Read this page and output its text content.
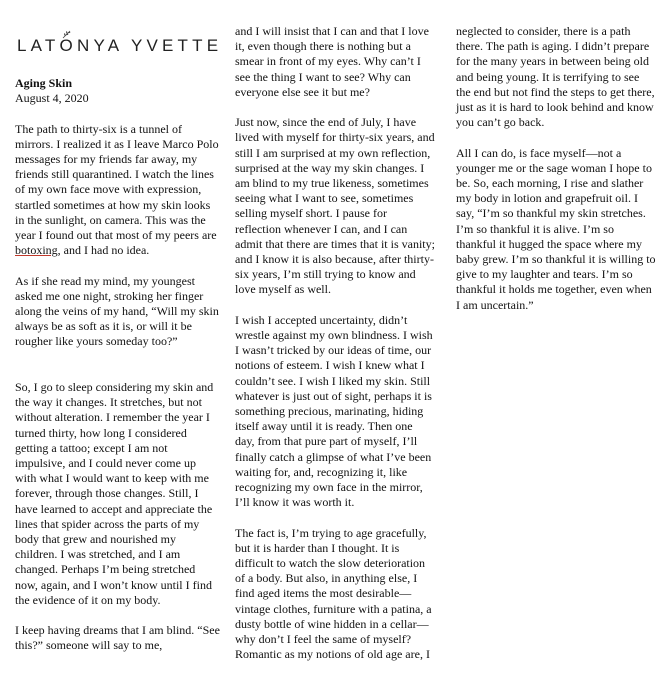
LAT
ONYA YVETTE
Aging Skin
August 4, 2020

The path to thirty-six is a tunnel of mirrors. I realized it as I leave Marco Polo messages for my friends far away, my friends still quarantined. I watch the lines of my own face move with expression, startled sometimes at how my skin looks in the sunlight, on camera. This was the year I found out that most of my peers are botoxing, and I had no idea.

As if she read my mind, my youngest asked me one night, stroking her finger along the veins of my hand, “Will my skin always be as soft as it is, or will it be rougher like yours someday too?”

So, I go to sleep considering my skin and the way it changes. It stretches, but not without alteration. I remember the year I turned thirty, how long I considered getting a tattoo; except I am not impulsive, and I could never come up with what I would want to keep with me forever, through those changes. Still, I have learned to accept and appreciate the lines that spider across the parts of my body that grew and nourished my children. I was stretched, and I am changed. Perhaps I’m being stretched now, again, and I won’t know until I find the evidence of it on my body.

I keep having dreams that I am blind. “See this?” someone will say to me,

and I will insist that I can and that I love it, even though there is nothing but a smear in front of my eyes. Why can’t I see the thing I want to see? Why can everyone else see it but me?

Just now, since the end of July, I have lived with myself for thirty-six years, and still I am surprised at my own reflection, surprised at the way my skin changes. I am blind to my true likeness, sometimes seeing what I want to see, sometimes selling myself short. I pause for reflection whenever I can, and I can admit that there are times that it is vanity; and I know it is also because, after thirty-six years, I’m still trying to know and love myself as well.

I wish I accepted uncertainty, didn’t wrestle against my own blindness. I wish I wasn’t tricked by our ideas of time, our notions of esteem. I wish I knew what I couldn’t see. I wish I liked my skin. Still whatever is just out of sight, perhaps it is something precious, marinating, hiding itself away until it is ready. Then one day, from that pure part of myself, I’ll finally catch a glimpse of what I’ve been waiting for, and, recognizing it, like recognizing my own face in the mirror, I’ll know it was worth it.

The fact is, I’m trying to age gracefully, but it is harder than I thought. It is difficult to watch the slow deterioration of a body. But also, in anything else, I find aged items the most desirable—vintage clothes, furniture with a patina, a dusty bottle of wine hidden in a cellar—why don’t I feel the same of myself? Romantic as my notions of old age are, I

neglected to consider, there is a path there. The path is aging. I didn’t prepare for the many years in between being old and being young. It is terrifying to see the end but not find the steps to get there, just as it is hard to look behind and know you can’t go back.

All I can do, is face myself—not a younger me or the sage woman I hope to be. So, each morning, I rise and slather my body in lotion and grapefruit oil. I say, “I’m so thankful my skin stretches. I’m so thankful it is alive. I’m so thankful it hugged the space where my baby grew. I’m so thankful it is willing to give to my laughter and tears. I’m so thankful it holds me together, even when I am uncertain.”
